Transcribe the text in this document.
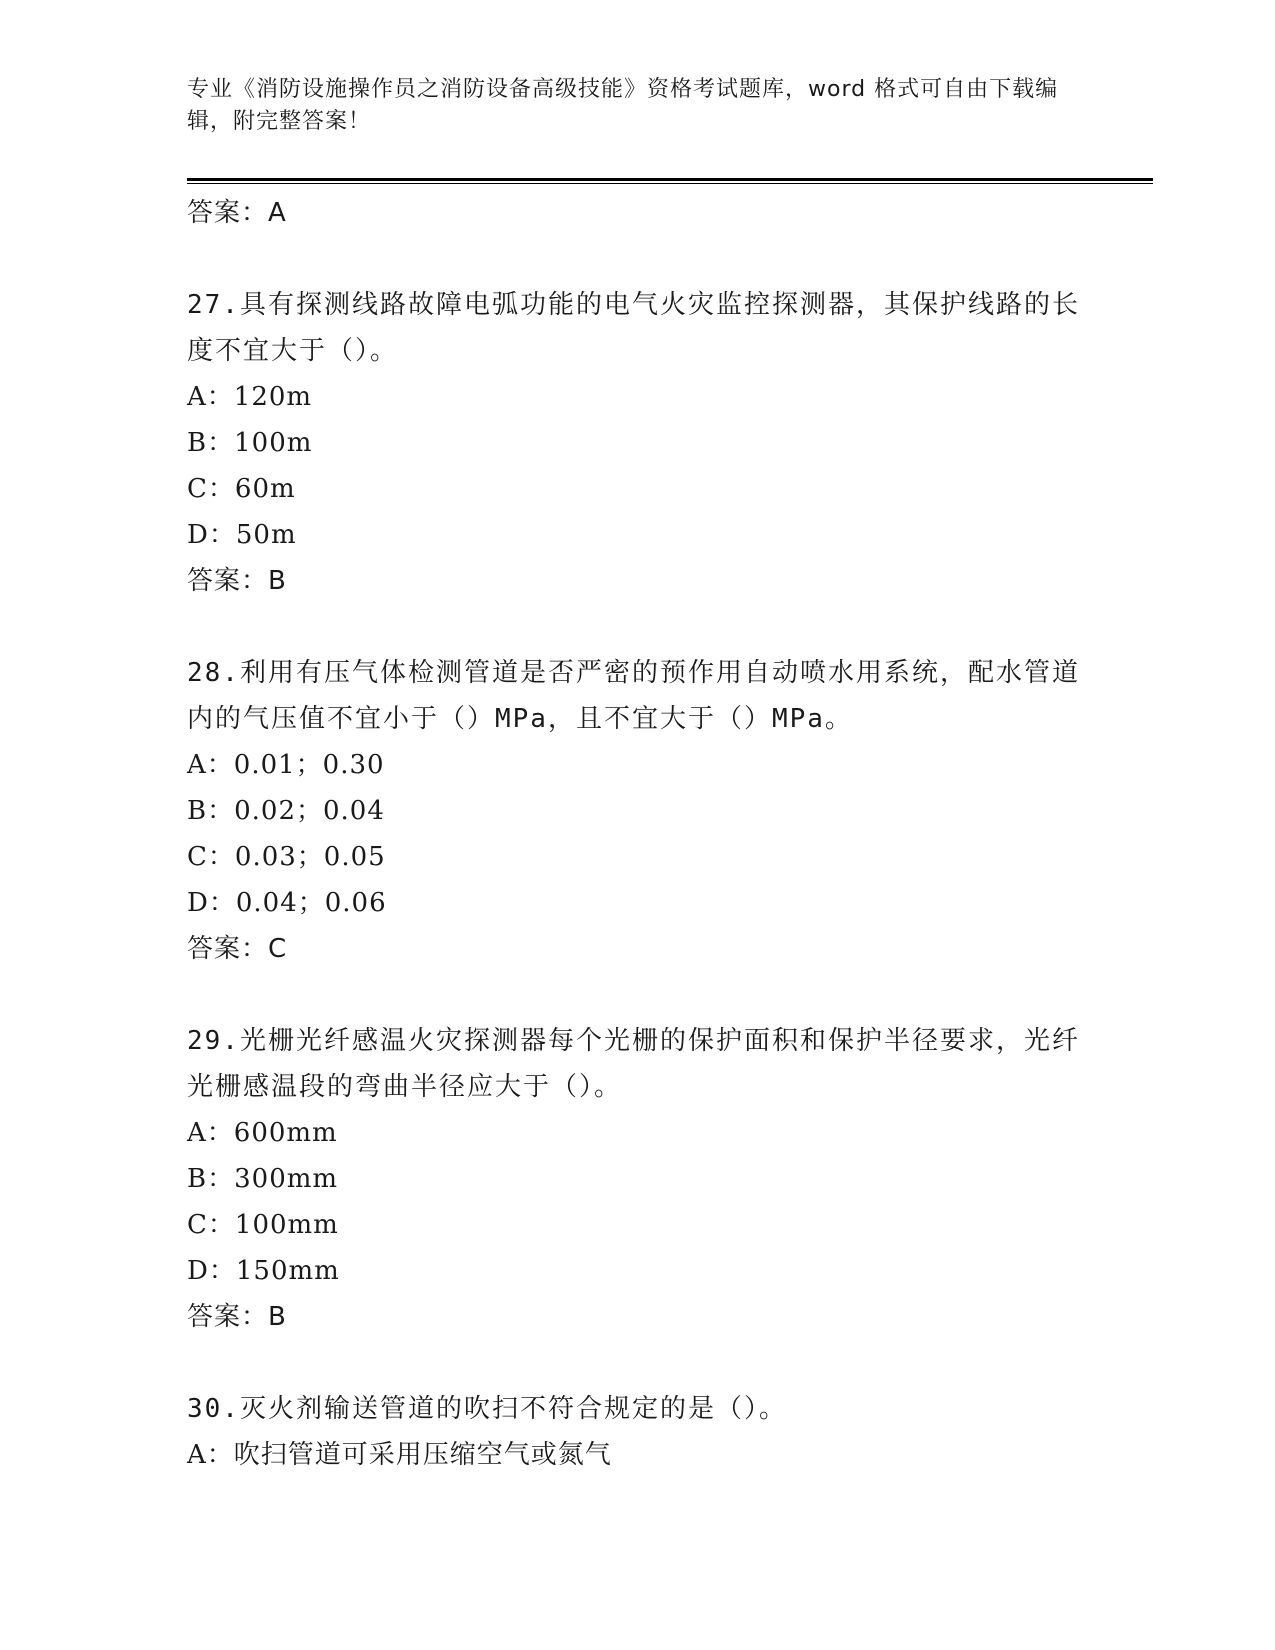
专业《消防设施操作员之消防设备高级技能》资格考试题库，word 格式可自由下载编辑，附完整答案！
答案：A
27.具有探测线路故障电弧功能的电气火灾监控探测器，其保护线路的长度不宜大于（）。
A：120m
B：100m
C：60m
D：50m
答案：B
28.利用有压气体检测管道是否严密的预作用自动喷水用系统，配水管道内的气压值不宜小于（）MPa，且不宜大于（）MPa。
A：0.01；0.30
B：0.02；0.04
C：0.03；0.05
D：0.04；0.06
答案：C
29.光栅光纤感温火灾探测器每个光栅的保护面积和保护半径要求，光纤光栅感温段的弯曲半径应大于（）。
A：600mm
B：300mm
C：100mm
D：150mm
答案：B
30.灭火剂输送管道的吹扫不符合规定的是（）。
A：吹扫管道可采用压缩空气或氮气
